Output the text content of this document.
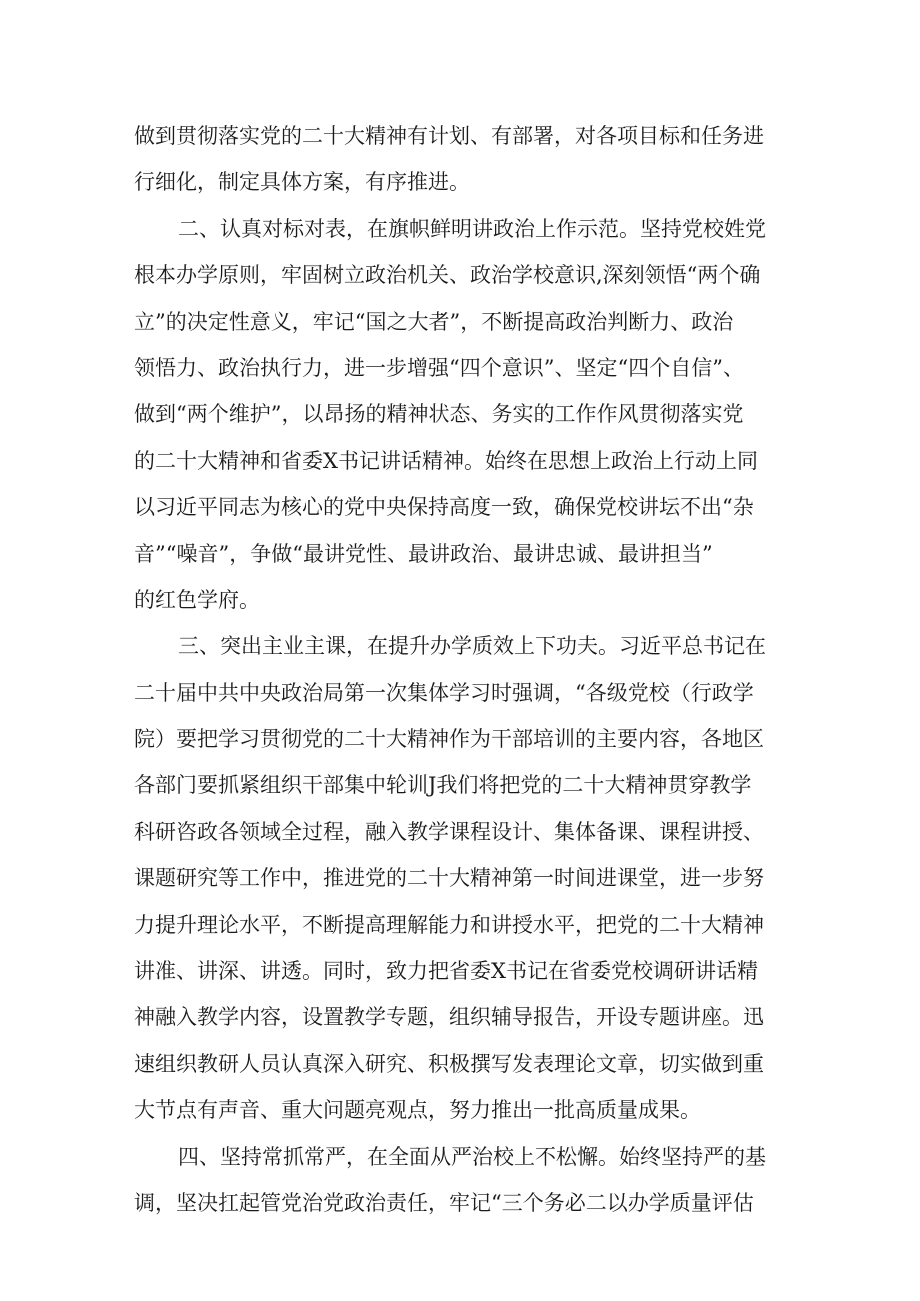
做到贯彻落实党的二十大精神有计划、有部署，对各项目标和任务进
行细化，制定具体方案，有序推进。
二、认真对标对表，在旗帜鲜明讲政治上作示范。坚持党校姓党
根本办学原则，牢固树立政治机关、政治学校意识,深刻领悟“两个确
立”的决定性意义，牢记“国之大者”，不断提高政治判断力、政治
领悟力、政治执行力，进一步增强“四个意识”、坚定“四个自信”、
做到“两个维护”，以昂扬的精神状态、务实的工作作风贯彻落实党
的二十大精神和省委X书记讲话精神。始终在思想上政治上行动上同
以习近平同志为核心的党中央保持高度一致，确保党校讲坛不出“杂
音”“噪音”，争做“最讲党性、最讲政治、最讲忠诚、最讲担当”
的红色学府。
三、突出主业主课，在提升办学质效上下功夫。习近平总书记在
二十届中共中央政治局第一次集体学习时强调，“各级党校（行政学
院）要把学习贯彻党的二十大精神作为干部培训的主要内容，各地区
各部门要抓紧组织干部集中轮训J我们将把党的二十大精神贯穿教学
科研咨政各领域全过程，融入教学课程设计、集体备课、课程讲授、
课题研究等工作中，推进党的二十大精神第一时间进课堂，进一步努
力提升理论水平，不断提高理解能力和讲授水平，把党的二十大精神
讲准、讲深、讲透。同时，致力把省委X书记在省委党校调研讲话精
神融入教学内容，设置教学专题，组织辅导报告，开设专题讲座。迅
速组织教研人员认真深入研究、积极撰写发表理论文章，切实做到重
大节点有声音、重大问题亮观点，努力推出一批高质量成果。
四、坚持常抓常严，在全面从严治校上不松懈。始终坚持严的基
调，坚决扛起管党治党政治责任，牢记“三个务必二以办学质量评估
